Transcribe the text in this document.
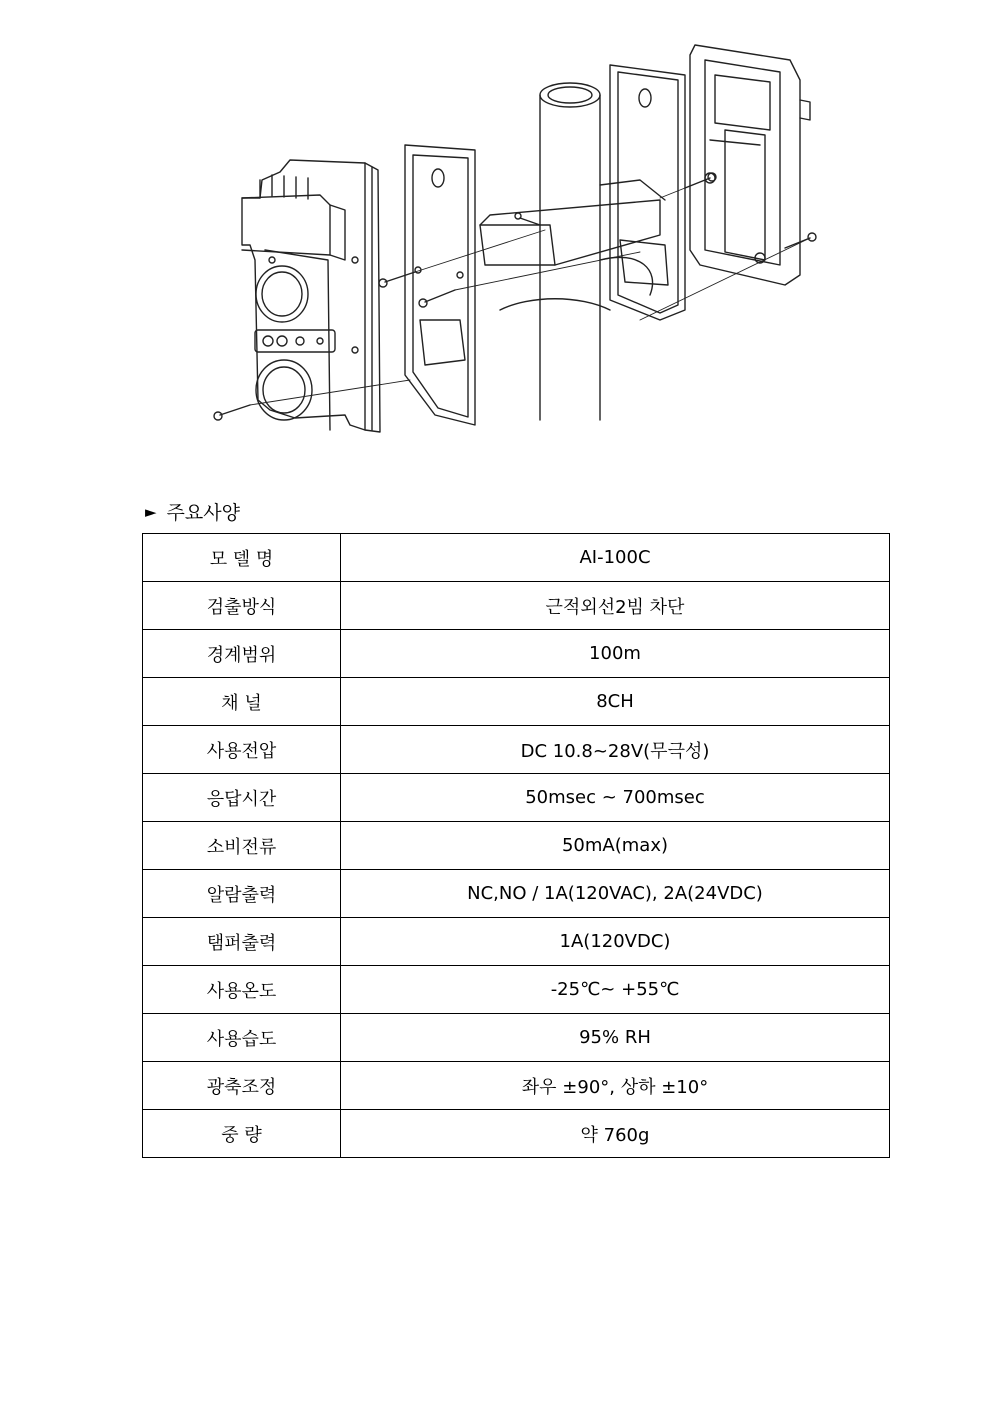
► 주요사양
모 델 명	AI-100C
검출방식	근적외선2빔 차단
경계범위	100m
채 널	8CH
사용전압	DC 10.8~28V(무극성)
응답시간	50msec ~ 700msec
소비전류	50mA(max)
알람출력	NC,NO / 1A(120VAC), 2A(24VDC)
탬퍼출력	1A(120VDC)
사용온도	-25℃~ +55℃
사용습도	95% RH
광축조정	좌우 ±90°, 상하 ±10°
중 량	약 760g
